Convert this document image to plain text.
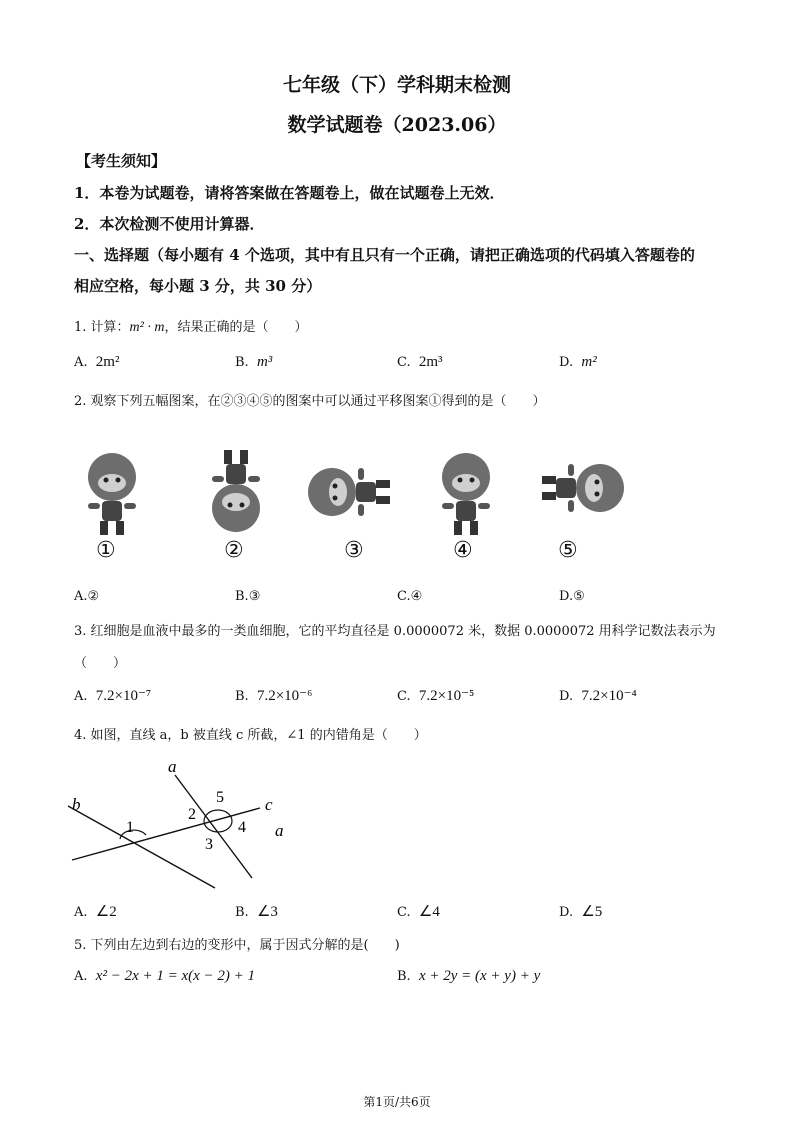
七年级（下）学科期末检测
数学试题卷（2023.06）
【考生须知】
1．本卷为试题卷，请将答案做在答题卷上，做在试题卷上无效．
2．本次检测不使用计算器．
一、选择题（每小题有 4 个选项，其中有且只有一个正确，请把正确选项的代码填入答题卷的
相应空格，每小题 3 分，共 30 分）
1. 计算：m² · m，结果正确的是（　　）
A. 2m²	B. m³	C. 2m³	D. m²
2. 观察下列五幅图案，在②③④⑤的图案中可以通过平移图案①得到的是（　　）
①	②	③	④	⑤
A.②	B.③	C.④	D.⑤
3. 红细胞是血液中最多的一类血细胞，它的平均直径是 0.0000072 米，数据 0.0000072 用科学记数法表示为
（　　）
A. 7.2×10⁻⁷	B. 7.2×10⁻⁶	C. 7.2×10⁻⁵	D. 7.2×10⁻⁴
4. 如图，直线 a，b 被直线 c 所截，∠1 的内错角是（　　）
a
b	c
a
1
2
3
4
5
A. ∠2	B. ∠3	C. ∠4	D. ∠5
5. 下列由左边到右边的变形中，属于因式分解的是(　　)
A. x² − 2x + 1 = x(x − 2) + 1	B. x + 2y = (x + y) + y
第1页/共6页
